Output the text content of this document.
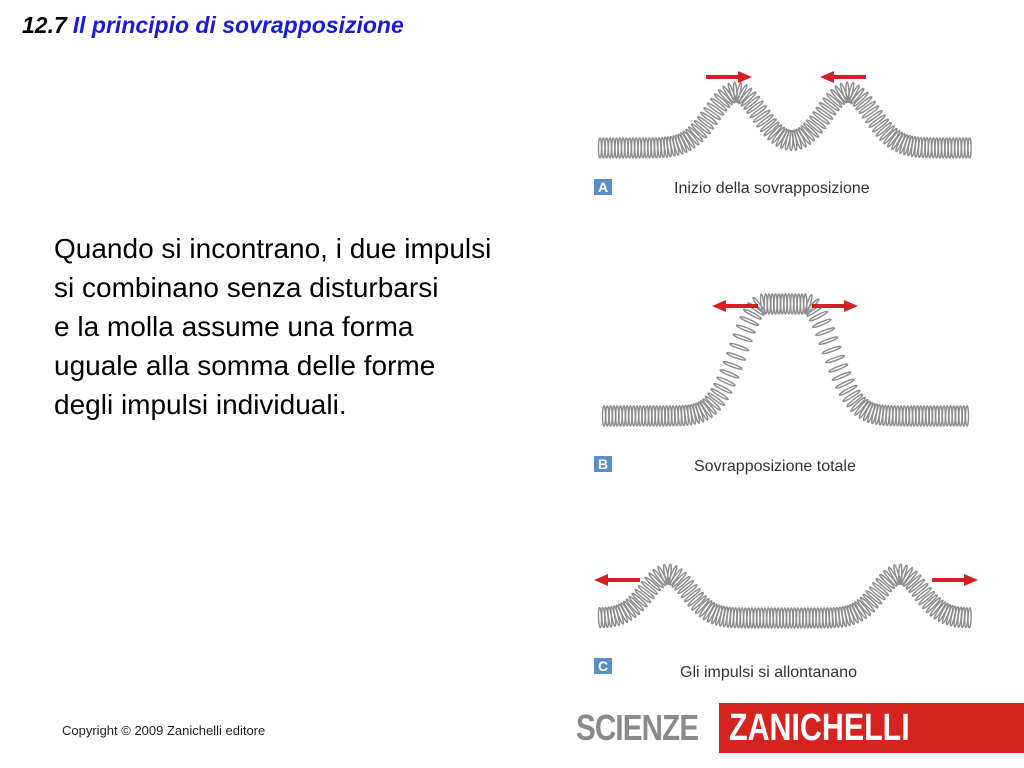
12.7 Il principio di sovrapposizione
Quando si incontrano, i due impulsi
si combinano senza disturbarsi
e la molla assume una forma
uguale alla somma delle forme
degli impulsi individuali.
A	Inizio della sovrapposizione
B	Sovrapposizione totale
C	Gli impulsi si allontanano
Copyright © 2009 Zanichelli editore	SCIENZE ZANICHELLI
